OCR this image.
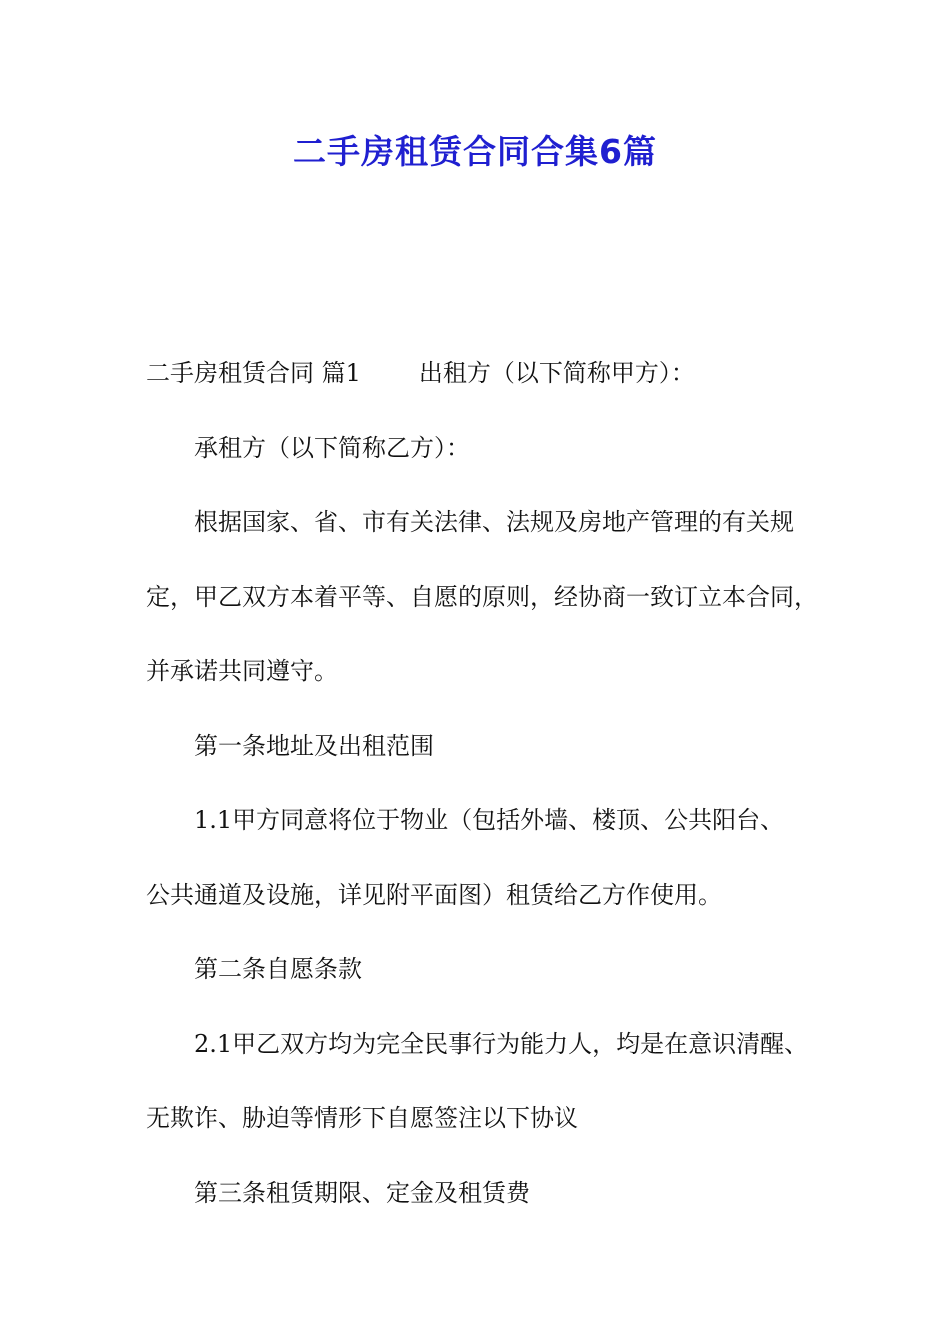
二手房租赁合同合集6篇
二手房租赁合同 篇1 出租方（以下简称甲方）：
承租方（以下简称乙方）：
根据国家、省、市有关法律、法规及房地产管理的有关规
定，甲乙双方本着平等、自愿的原则，经协商一致订立本合同，
并承诺共同遵守。
第一条地址及出租范围
1.1甲方同意将位于物业（包括外墙、楼顶、公共阳台、
公共通道及设施，详见附平面图）租赁给乙方作使用。
第二条自愿条款
2.1甲乙双方均为完全民事行为能力人，均是在意识清醒、
无欺诈、胁迫等情形下自愿签注以下协议
第三条租赁期限、定金及租赁费
